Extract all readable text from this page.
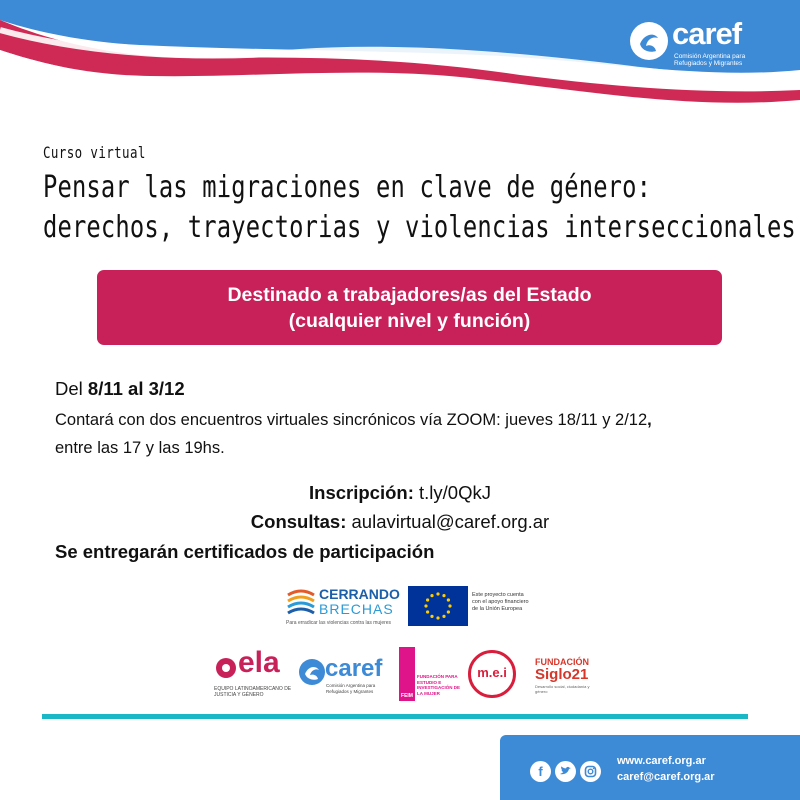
caref
Comisión Argentina para Refugiados y Migrantes
Curso virtual
Pensar las migraciones en clave de género:
derechos, trayectorias y violencias interseccionales
Destinado a trabajadores/as del Estado
(cualquier nivel y función)
Del 8/11 al 3/12
Contará con dos encuentros virtuales sincrónicos vía ZOOM: jueves 18/11 y 2/12,
entre las 17 y las 19hs.
Inscripción: t.ly/0QkJ
Consultas: aulavirtual@caref.org.ar
Se entregarán certificados de participación
CERRANDO
BRECHAS
Para erradicar las violencias contra las mujeres
Este proyecto cuenta con el apoyo financiero de la Unión Europea
ela
EQUIPO LATINOAMERICANO DE JUSTICIA Y GÉNERO
caref
Comisión Argentina para Refugiados y Migrantes
FEIM
FUNDACIÓN PARA ESTUDIO E INVESTIGACIÓN DE LA MUJER
m.e.i
FUNDACIÓN
Siglo21
Desarrollo social, ciudadanía y género
f
www.caref.org.ar
caref@caref.org.ar
